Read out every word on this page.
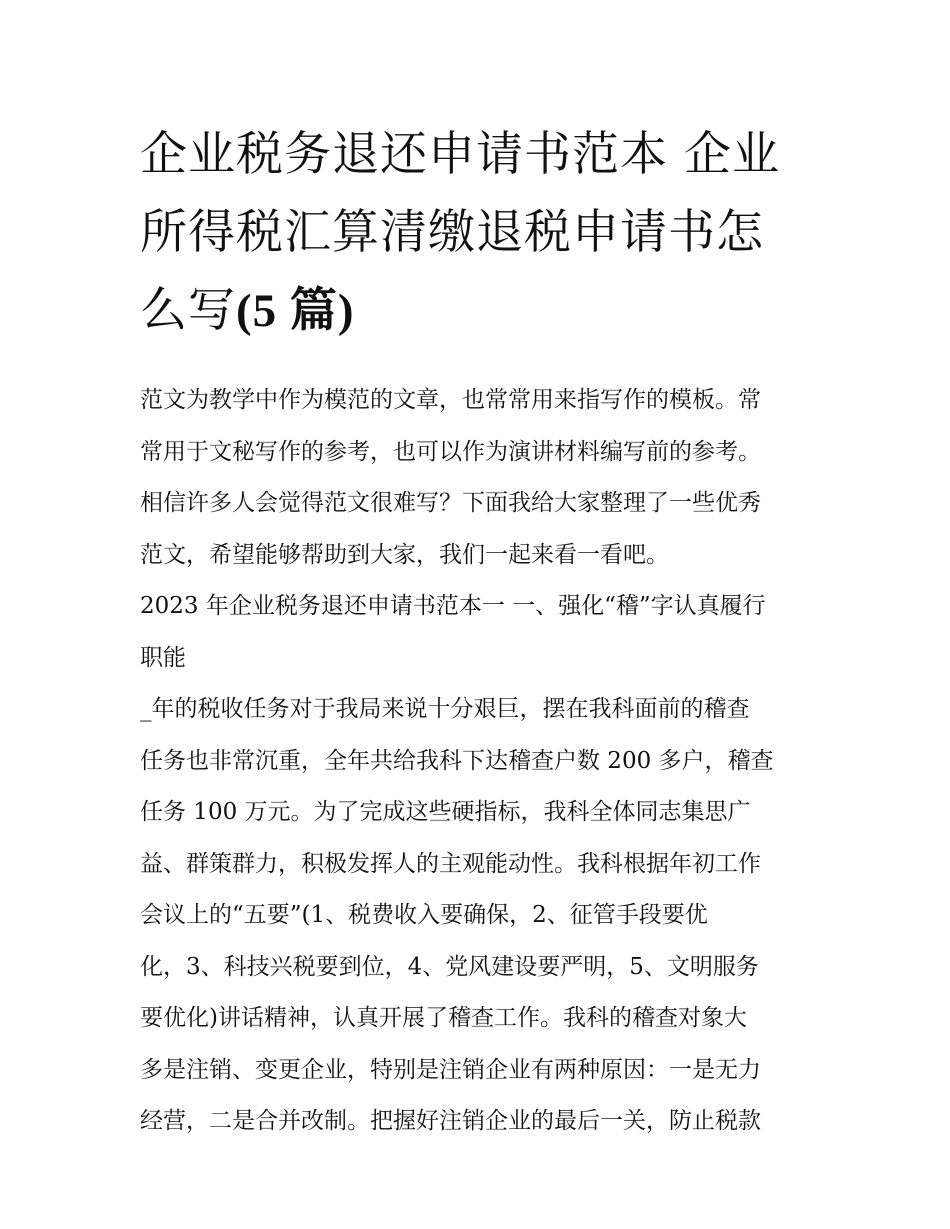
企业税务退还申请书范本 企业
所得税汇算清缴退税申请书怎
么写(5 篇)
范文为教学中作为模范的文章，也常常用来指写作的模板。常
常用于文秘写作的参考，也可以作为演讲材料编写前的参考。
相信许多人会觉得范文很难写？下面我给大家整理了一些优秀
范文，希望能够帮助到大家，我们一起来看一看吧。
2023 年企业税务退还申请书范本一 一、强化“稽”字认真履行
职能
_年的税收任务对于我局来说十分艰巨，摆在我科面前的稽查
任务也非常沉重，全年共给我科下达稽查户数 200 多户，稽查
任务 100 万元。为了完成这些硬指标，我科全体同志集思广
益、群策群力，积极发挥人的主观能动性。我科根据年初工作
会议上的“五要”(1、税费收入要确保，2、征管手段要优
化，3、科技兴税要到位，4、党风建设要严明，5、文明服务
要优化)讲话精神，认真开展了稽查工作。我科的稽查对象大
多是注销、变更企业，特别是注销企业有两种原因：一是无力
经营，二是合并改制。把握好注销企业的最后一关，防止税款
